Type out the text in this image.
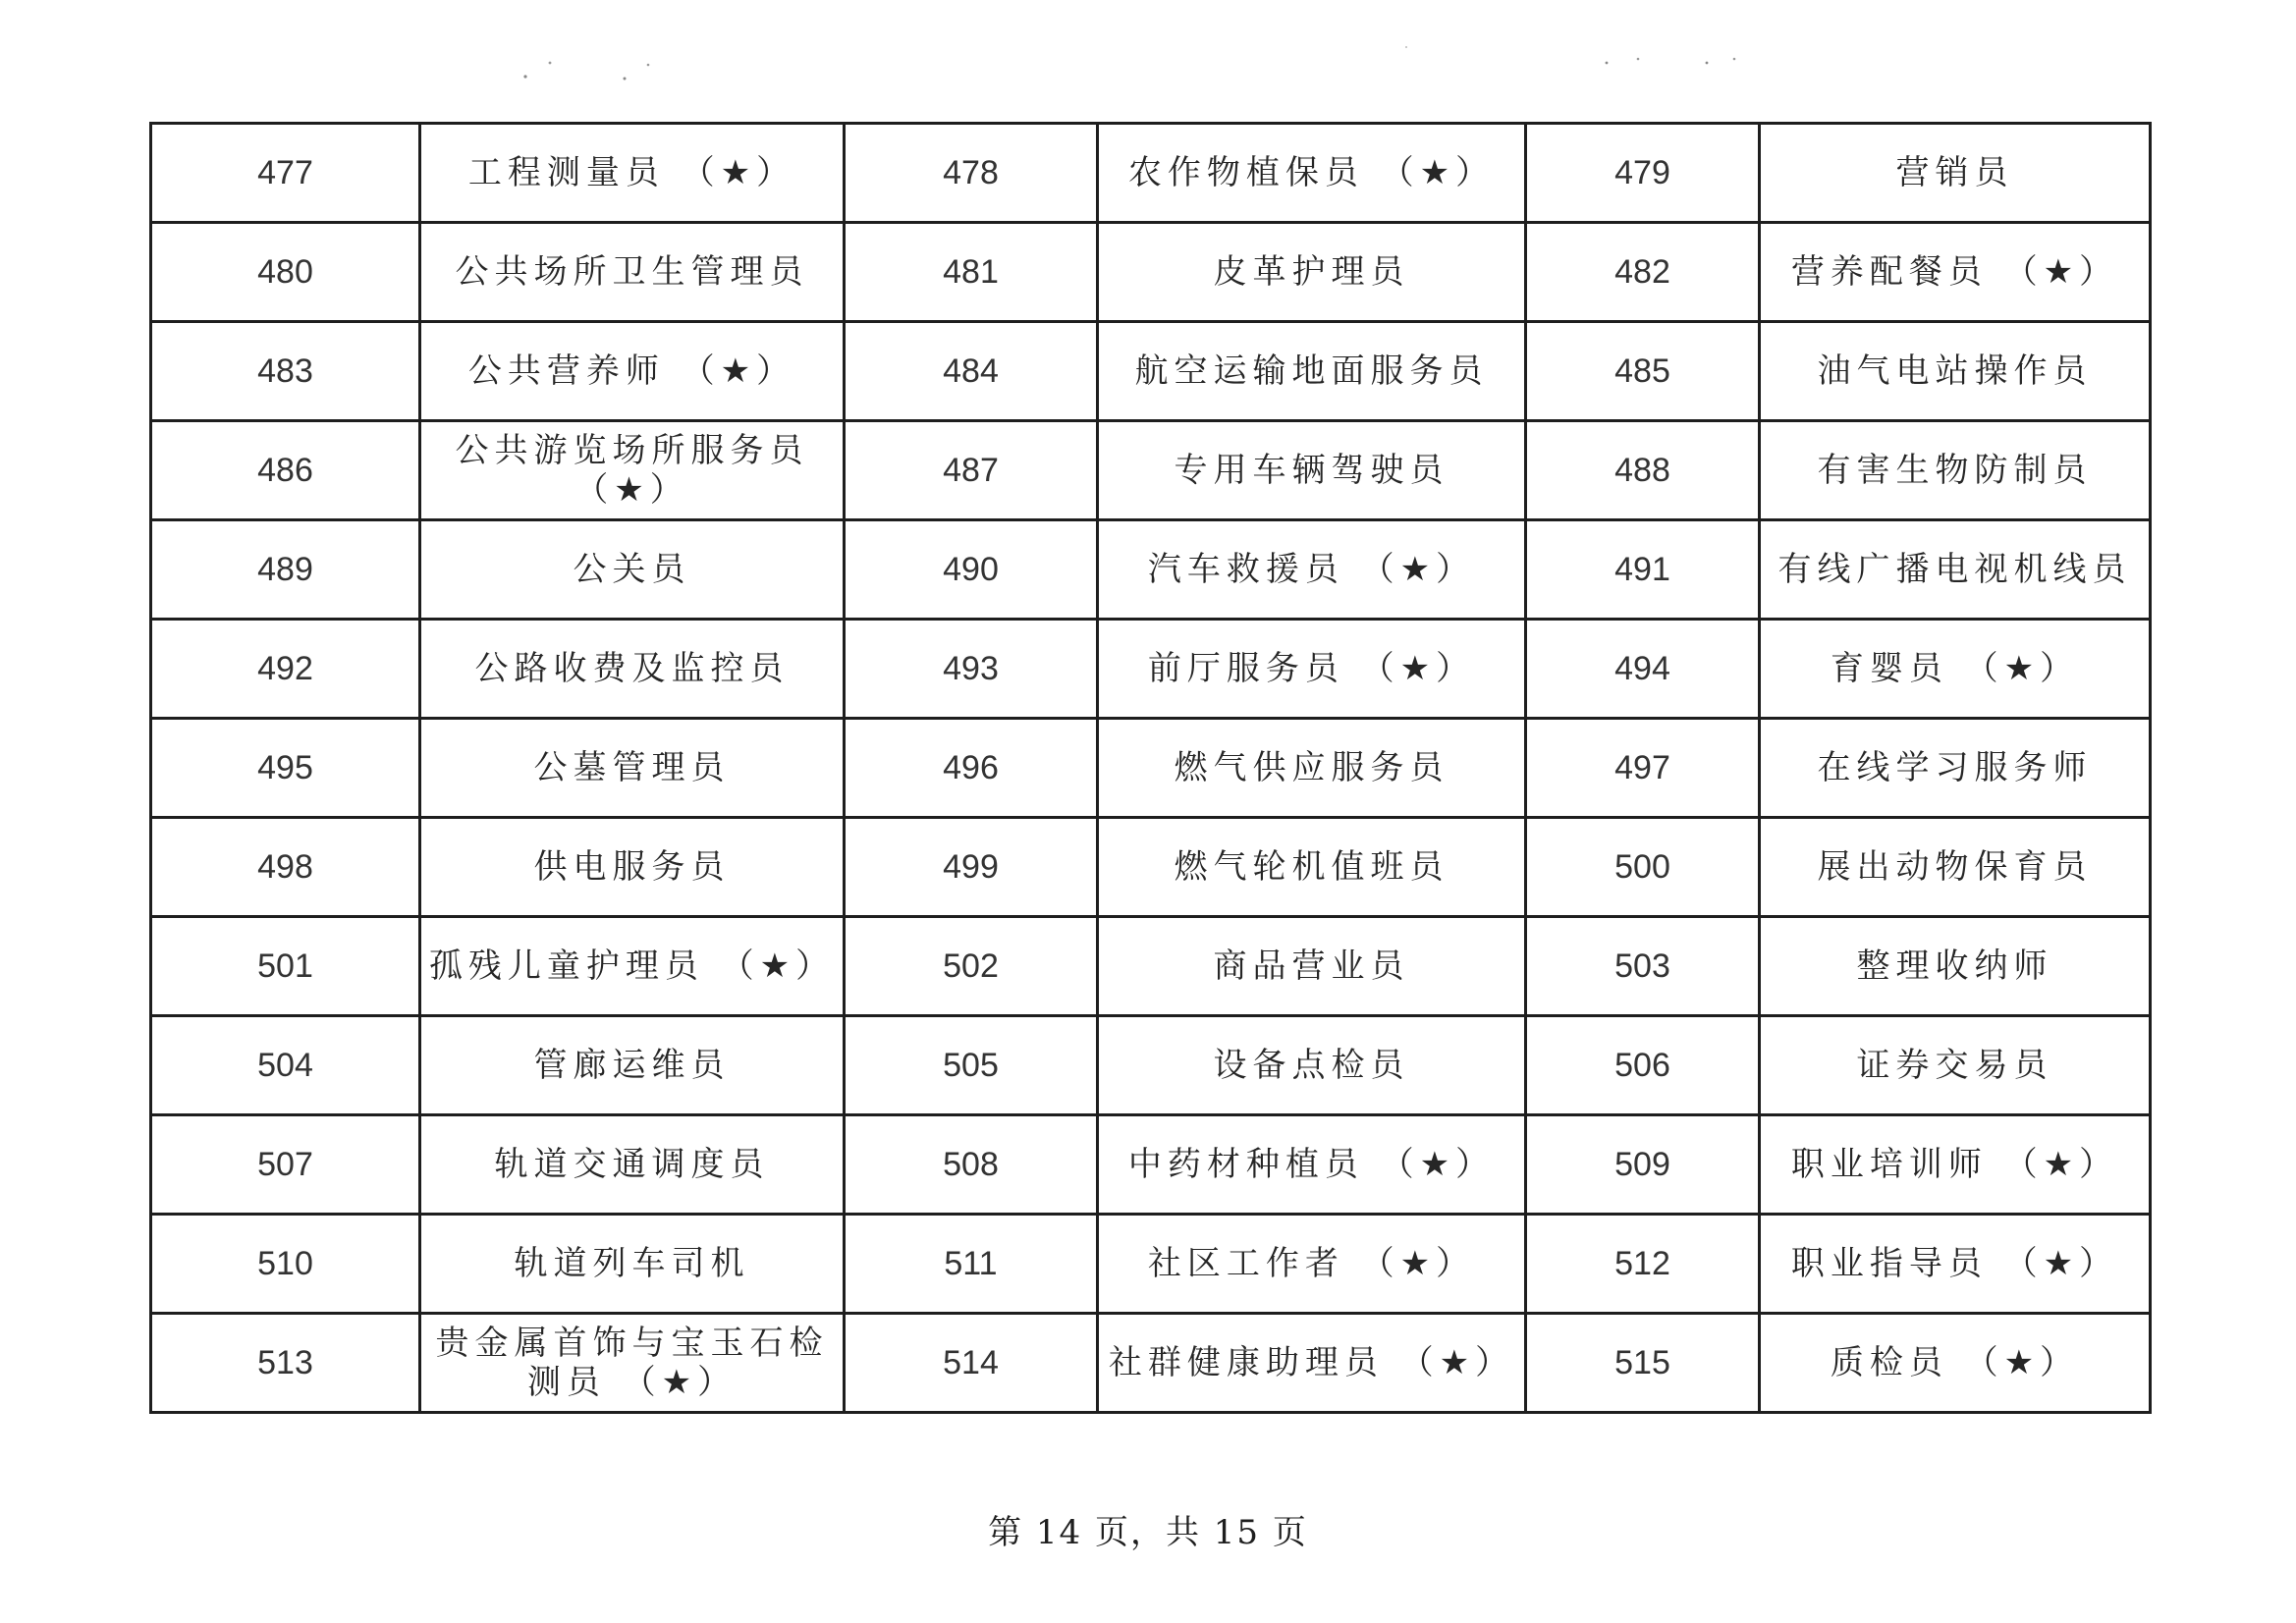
477	工程测量员 （★）	478	农作物植保员 （★）	479	营销员
480	公共场所卫生管理员	481	皮革护理员	482	营养配餐员 （★）
483	公共营养师 （★）	484	航空运输地面服务员	485	油气电站操作员
486	公共游览场所服务员 （★）	487	专用车辆驾驶员	488	有害生物防制员
489	公关员	490	汽车救援员 （★）	491	有线广播电视机线员
492	公路收费及监控员	493	前厅服务员 （★）	494	育婴员 （★）
495	公墓管理员	496	燃气供应服务员	497	在线学习服务师
498	供电服务员	499	燃气轮机值班员	500	展出动物保育员
501	孤残儿童护理员 （★）	502	商品营业员	503	整理收纳师
504	管廊运维员	505	设备点检员	506	证券交易员
507	轨道交通调度员	508	中药材种植员 （★）	509	职业培训师 （★）
510	轨道列车司机	511	社区工作者 （★）	512	职业指导员 （★）
513	贵金属首饰与宝玉石检测员 （★）	514	社群健康助理员 （★）	515	质检员 （★）
第 14 页，共 15 页
